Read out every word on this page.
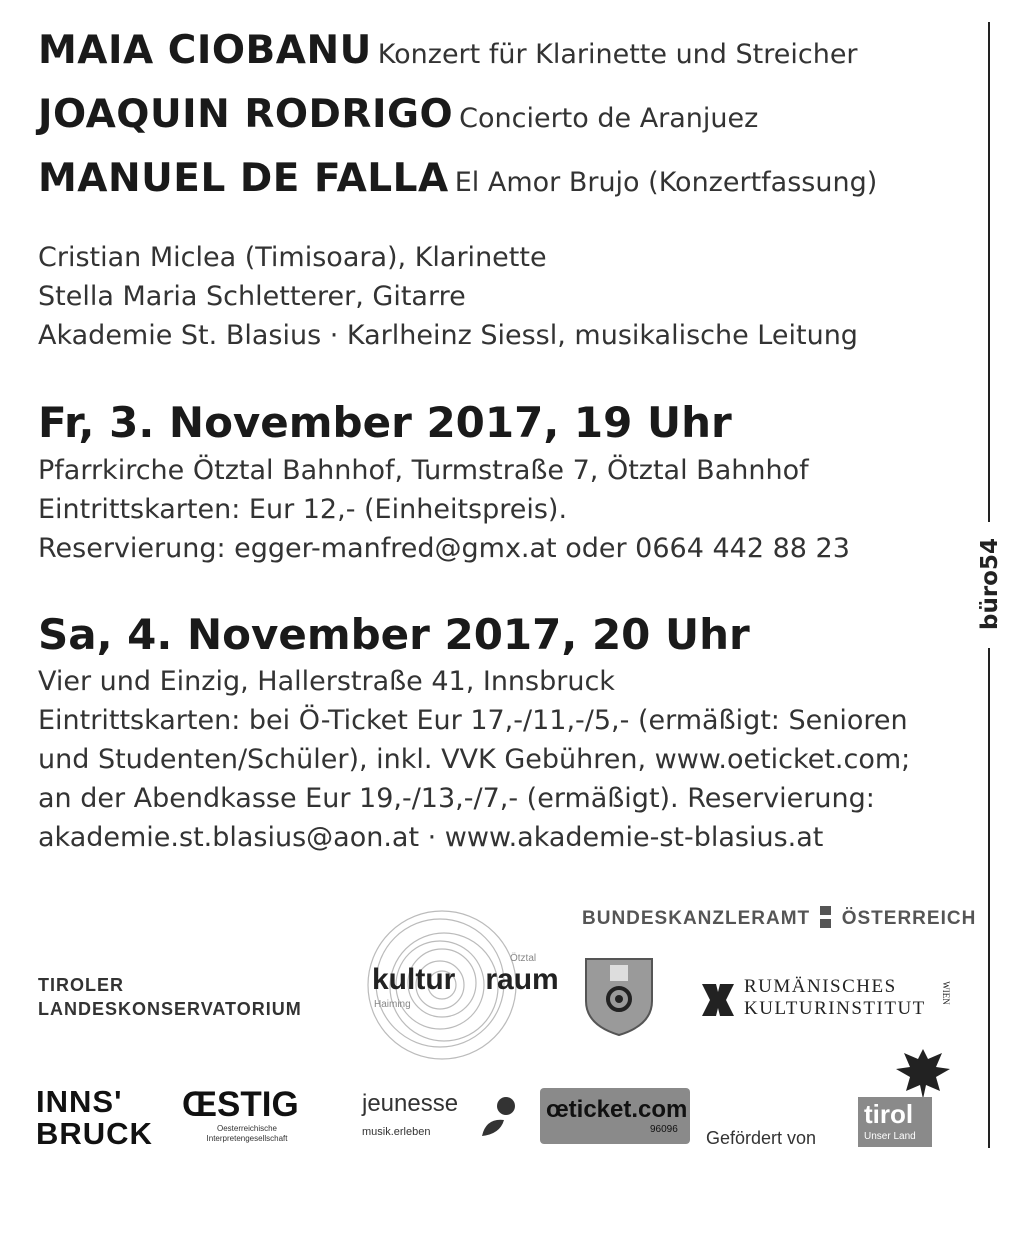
MAIA CIOBANU Konzert für Klarinette und Streicher
JOAQUIN RODRIGO Concierto de Aranjuez
MANUEL DE FALLA El Amor Brujo (Konzertfassung)
Cristian Miclea (Timisoara), Klarinette
Stella Maria Schletterer, Gitarre
Akademie St. Blasius · Karlheinz Siessl, musikalische Leitung
Fr, 3. November 2017, 19 Uhr
Pfarrkirche Ötztal Bahnhof, Turmstraße 7, Ötztal Bahnhof
Eintrittskarten: Eur 12,- (Einheitspreis).
Reservierung: egger-manfred@gmx.at oder 0664 442 88 23
Sa, 4. November 2017, 20 Uhr
Vier und Einzig, Hallerstraße 41, Innsbruck
Eintrittskarten: bei Ö-Ticket Eur 17,-/11,-/5,- (ermäßigt: Senioren
und Studenten/Schüler), inkl. VVK Gebühren, www.oeticket.com;
an der Abendkasse Eur 19,-/13,-/7,- (ermäßigt). Reservierung:
akademie.st.blasius@aon.at · www.akademie-st-blasius.at
büro54
BUNDESKANZLERAMT ÖSTERREICH
TIROLER
LANDESKONSERVATORIUM
kultur raum
Ötztal
Haiming
RUMÄNISCHES
KULTURINSTITUT
WIEN
INNS'
BRUCK
ŒSTIG
Oesterreichische
Interpretengesellschaft
jeunesse
musik.erleben
œticket.com
96096 Gefördert von
tirol
Unser Land
